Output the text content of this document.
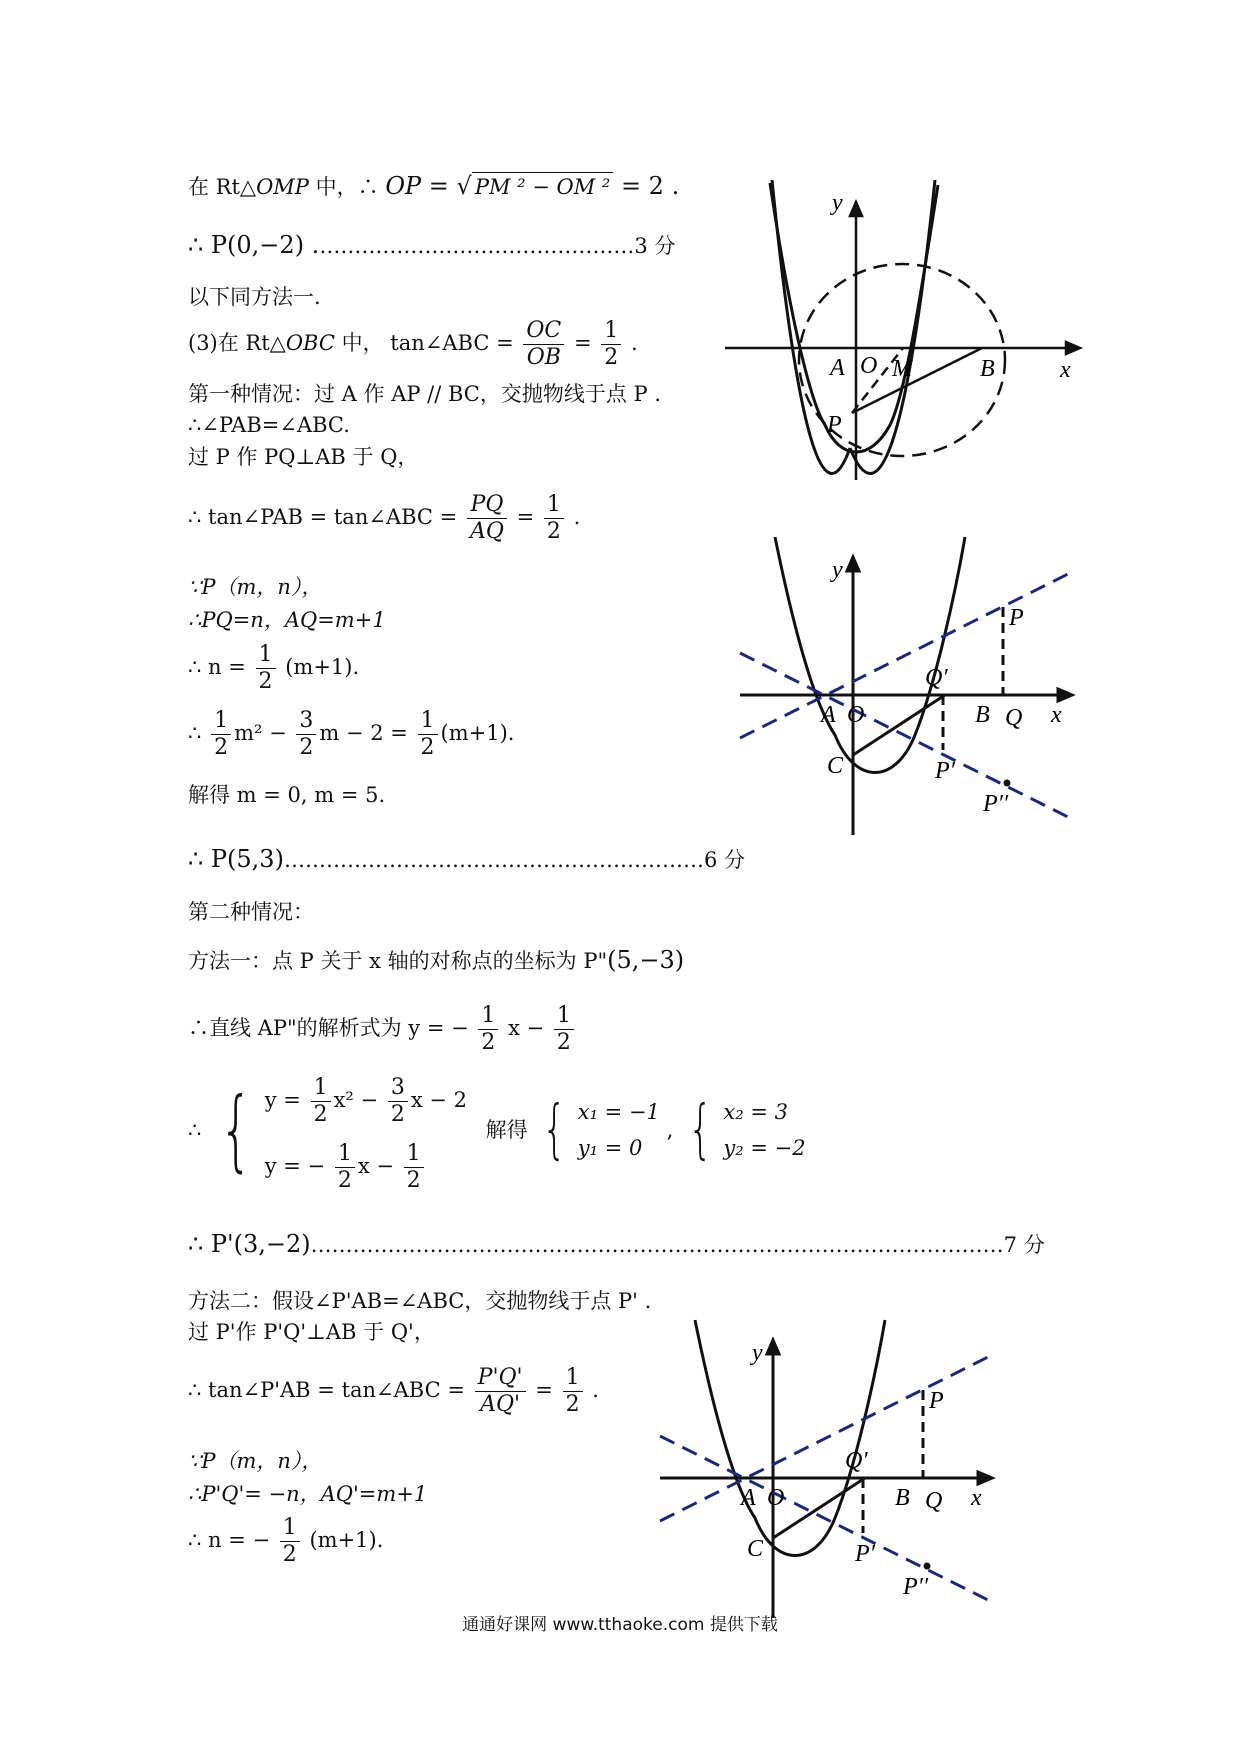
在 Rt△OMP 中，∴ OP = √ PM ² − OM ² = 2 .
∴ P(0,−2) .………………………………………3 分
以下同方法一.
(3)在 Rt△OBC 中， tan∠ABC = $\frac{OC}{OB} = \frac{1}{2}$ .
第一种情况：过 A 作 AP // BC，交抛物线于点 P .
∴∠PAB=∠ABC.
过 P 作 PQ⊥AB 于 Q，
∴ tan∠PAB = tan∠ABC = $\frac{PQ}{AQ} = \frac{1}{2}$ .
∵P（m，n），
∴PQ=n，AQ=m+1
∴ $n = \frac{1}{2} (m+1)$.
∴ $\frac{1}{2} m^2 - \frac{3}{2}$ $m - 2 = \frac{1}{2} (m+1)$.
解得 m = 0, m = 5.
∴ P(5,3)……………………………………………………6 分
第二种情况：
方法一：点 P 关于 x 轴的对称点的坐标为 P"(5,−3)
∴直线 AP"的解析式为 y = − $\frac{1}{2}$ $x - \frac{1}{2}$
∴ { $y = \frac{1}{2} x^2 - \frac{3}{2}$ x − 2
y = − $\frac{1}{2}$ $x - \frac{1}{2}$
解得 { x₁ = −1
y₁ = 0
, { x₂ = 3
y₂ = −2
∴ P'(3,−2)………………………………………………………………………………………7 分
方法二：假设∠P'AB=∠ABC，交抛物线于点 P' .
过 P'作 P'Q'⊥AB 于 Q'，
∴ tan∠P'AB = tan∠ABC = $\frac{P'Q'}{AQ'} = \frac{1}{2}$ .
∵P（m，n），
∴P'Q'= −n，AQ'=m+1
∴ n = − $\frac{1}{2} (m+1)$.
A O M	B	x
y
P
y
P
Q′
A O	B Q x
C	P′
P′′
y
P
Q′
A O	B Q x
C	P′
P′′
通通好课网 www.tthaoke.com 提供下载
